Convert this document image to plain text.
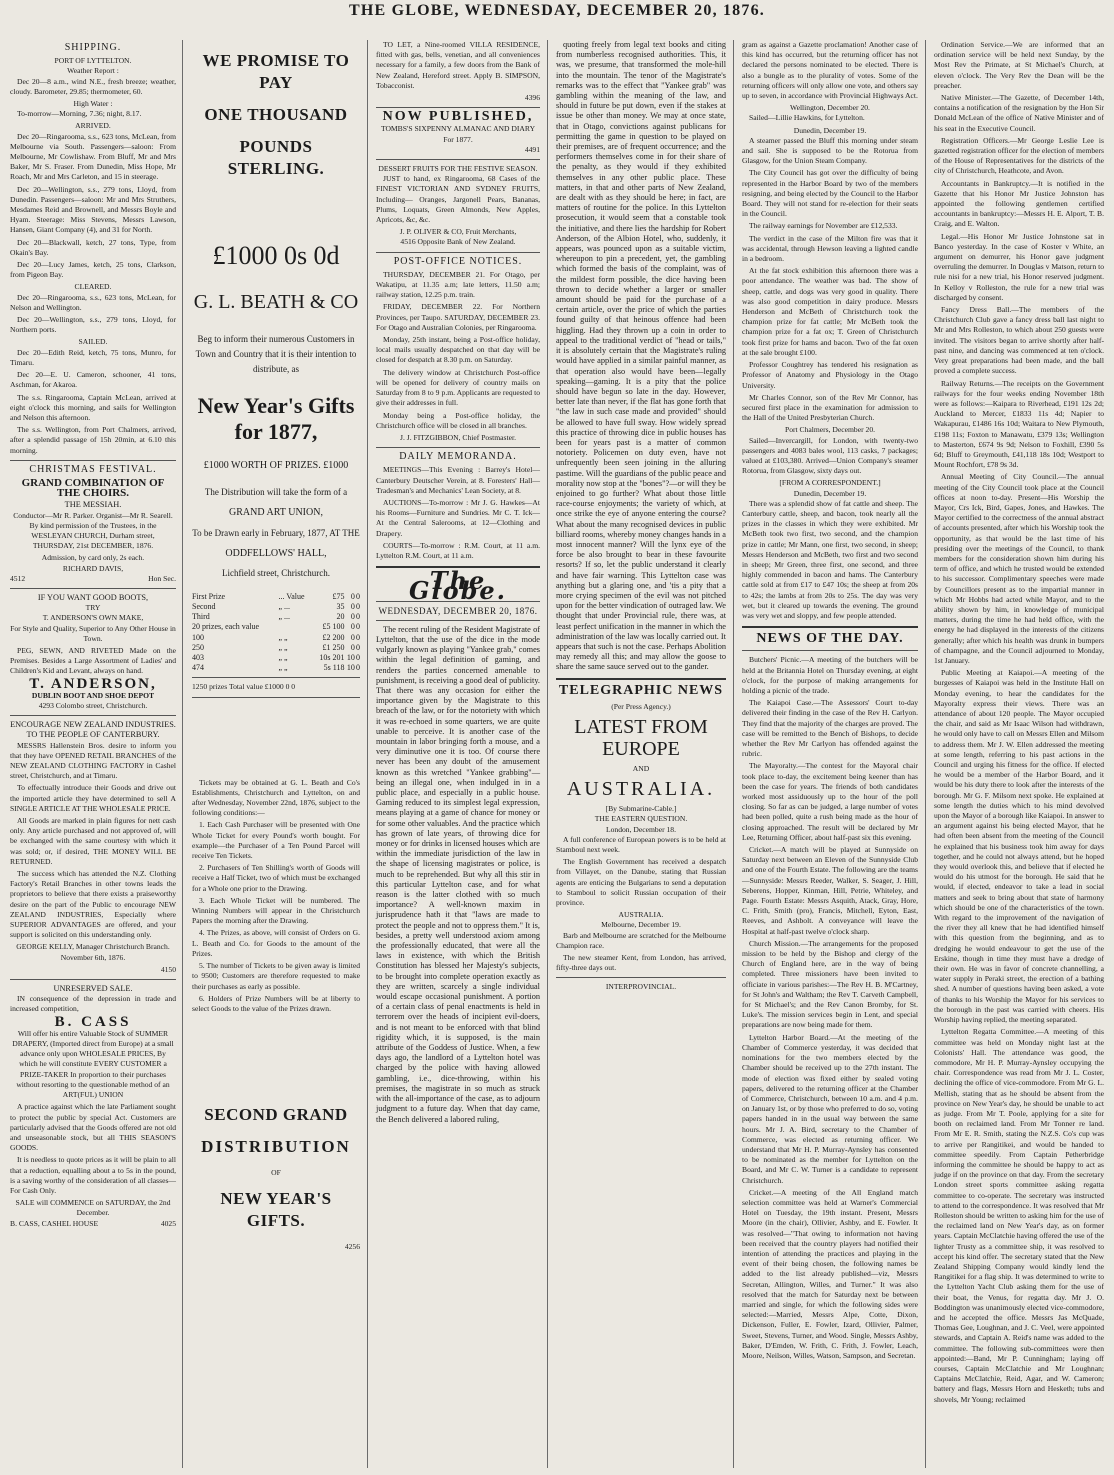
THE GLOBE, WEDNESDAY, DECEMBER 20, 1876.
SHIPPING.
PORT OF LYTTELTON.
Weather Report :

Dec 20—8 a.m., wind N.E., fresh breeze; weather, cloudy. Barometer, 29.85; thermometer, 60.

High Water :

To-morrow—Morning, 7.36; night, 8.17.

ARRIVED.

Dec 20—Ringarooma, s.s., 623 tons, McLean, from Melbourne via South. Passengers—saloon: From Melbourne, Mr Cowlishaw. From Bluff, Mr and Mrs Baker, Mr S. Fraser. From Dunedin, Miss Hope, Mr Roach, Mr and Mrs Carleton, and 15 in steerage.

Dec 20—Wellington, s.s., 279 tons, Lloyd, from Dunedin. Passengers—saloon: Mr and Mrs Struthers, Mesdames Reid and Brownell, and Messrs Boyle and Hyam. Steerage: Miss Stevens, Messrs Lawson, Hansen, Giant Company (4), and 31 for North.

Dec 20—Blackwall, ketch, 27 tons, Type, from Okain's Bay.

Dec 20—Lucy James, ketch, 25 tons, Clarkson, from Pigeon Bay.

CLEARED.

Dec 20—Ringarooma, s.s., 623 tons, McLean, for Nelson and Wellington.

Dec 20—Wellington, s.s., 279 tons, Lloyd, for Northern ports.

SAILED.

Dec 20—Edith Reid, ketch, 75 tons, Munro, for Timaru.

Dec 20—E. U. Cameron, schooner, 41 tons, Aschman, for Akaroa.

The s.s. Ringarooma, Captain McLean, arrived at eight o'clock this morning, and sails for Wellington and Nelson this afternoon.

The s.s. Wellington, from Port Chalmers, arrived, after a splendid passage of 15h 20min, at 6.10 this morning.

CHRISTMAS FESTIVAL.
GRAND COMBINATION OF THE CHOIRS.
THE MESSIAH.
Conductor—Mr R. Parker. Organist—Mr R. Searell.

By kind permission of the Trustees, in the WESLEYAN CHURCH, Durham street, THURSDAY, 21st DECEMBER, 1876.

Admission, by card only, 2s each.
RICHARD DAVIS,
4512	Hon Sec.
IF YOU WANT GOOD BOOTS,
TRY
T. ANDERSON'S OWN MAKE,

For Style and Quality, Superior to Any Other House in Town.

PEG, SEWN, AND RIVETED Made on the Premises. Besides a Large Assortment of Ladies' and Children's Kid and Levant, always on hand.

T. ANDERSON,
DUBLIN BOOT AND SHOE DEPOT
4293 Colombo street, Christchurch.
ENCOURAGE NEW ZEALAND INDUSTRIES.
TO THE PEOPLE OF CANTERBURY.

MESSRS Hallenstein Bros. desire to inform you that they have OPENED RETAIL BRANCHES of the NEW ZEALAND CLOTHING FACTORY in Cashel street, Christchurch, and at Timaru.

To effectually introduce their Goods and drive out the imported article they have determined to sell A SINGLE ARTICLE AT THE WHOLESALE PRICE.

All Goods are marked in plain figures for nett cash only. Any article purchased and not approved of, will be exchanged with the same courtesy with which it was sold; or, if desired, THE MONEY WILL BE RETURNED.

The success which has attended the N.Z. Clothing Factory's Retail Branches in other towns leads the proprietors to believe that there exists a praiseworthy desire on the part of the Public to encourage NEW ZEALAND INDUSTRIES, Especially where SUPERIOR ADVANTAGES are offered, and your support is solicited on this understanding only.

GEORGE KELLY, Manager Christchurch Branch. November 6th, 1876.

4150
UNRESERVED SALE.

IN consequence of the depression in trade and increased competition,

B. CASS

Will offer his entire Valuable Stock of SUMMER DRAPERY, (Imported direct from Europe) at a small advance only upon WHOLESALE PRICES, By which he will constitute EVERY CUSTOMER a PRIZE-TAKER In proportion to their purchases without resorting to the questionable method of an ART(FUL) UNION

A practice against which the late Parliament sought to protect the public by special Act. Customers are particularly advised that the Goods offered are not old and unseasonable stock, but all THIS SEASON'S GOODS.

It is needless to quote prices as it will be plain to all that a reduction, equalling about a to 5s in the pound, is a saving worthy of the consideration of all classes—For Cash Only.

SALE will COMMENCE on SATURDAY, the 2nd December.
B. CASS, CASHEL HOUSE	4025
WE PROMISE TO PAY
ONE THOUSAND
POUNDS STERLING.
£1000 0s 0d
G. L. BEATH & CO

Beg to inform their numerous Customers in Town and Country that it is their intention to distribute, as

New Year's Gifts for 1877,
£1000 WORTH OF PRIZES. £1000

The Distribution will take the form of a

GRAND ART UNION,
To be Drawn early in February, 1877, AT THE
ODDFELLOWS' HALL,
Lichfield street, Christchurch.
First Prize	... Value	£75	0	0
Second	„ ...	35	0	0
Third	„ ...	20	0	0
20 prizes, each value		£5 100	0	0
100	„ „	£2 200	0	0
250	„ „	£1 250	0	0
403	„ „	10s 201	10	0
474	„ „	5s 118	10	0
1250 prizes Total value £1000 0 0

Tickets may be obtained at G. L. Beath and Co's Establishments, Christchurch and Lyttelton, on and after Wednesday, November 22nd, 1876, subject to the following conditions:—

1. Each Cash Purchaser will be presented with One Whole Ticket for every Pound's worth bought. For example—the Purchaser of a Ten Pound Parcel will receive Ten Tickets.

2. Purchasers of Ten Shilling's worth of Goods will receive a Half Ticket, two of which must be exchanged for a Whole one prior to the Drawing.

3. Each Whole Ticket will be numbered. The Winning Numbers will appear in the Christchurch Papers the morning after the Drawing.

4. The Prizes, as above, will consist of Orders on G. L. Beath and Co. for Goods to the amount of the Prizes.

5. The number of Tickets to be given away is limited to 9500; Customers are therefore requested to make their purchases as early as possible.

6. Holders of Prize Numbers will be at liberty to select Goods to the value of the Prizes drawn.

SECOND GRAND
DISTRIBUTION
OF
NEW YEAR'S GIFTS.
4256

TO LET, a Nine-roomed VILLA RESIDENCE, fitted with gas, bells, venetian, and all conveniences necessary for a family, a few doors from the Bank of New Zealand, Hereford street. Apply B. SIMPSON, Tobacconist.

4396
NOW PUBLISHED,
TOMBS'S SIXPENNY ALMANAC AND DIARY For 1877.
4491
DESSERT FRUITS FOR THE FESTIVE SEASON.

JUST to hand, ex Ringarooma, 68 Cases of the FINEST VICTORIAN AND SYDNEY FRUITS, Including— Oranges, Jargonell Pears, Bananas, Plums, Loquats, Green Almonds, New Apples, Apricots, &c, &c.

J. P. OLIVER & CO, Fruit Merchants,
4516 Opposite Bank of New Zealand.
POST-OFFICE NOTICES.

THURSDAY, DECEMBER 21. For Otago, per Wakatipu, at 11.35 a.m; late letters, 11.50 a.m; railway station, 12.25 p.m. train.

FRIDAY, DECEMBER 22. For Northern Provinces, per Taupo. SATURDAY, DECEMBER 23. For Otago and Australian Colonies, per Ringarooma.

Monday, 25th instant, being a Post-office holiday, local mails usually despatched on that day will be closed for despatch at 8.30 p.m. on Saturday.

The delivery window at Christchurch Post-office will be opened for delivery of country mails on Saturday from 8 to 9 p.m. Applicants are requested to give their addresses in full.

Monday being a Post-office holiday, the Christchurch office will be closed in all branches.

J. J. FITZGIBBON, Chief Postmaster.
DAILY MEMORANDA.

MEETINGS—This Evening : Barrey's Hotel—Canterbury Deutscher Verein, at 8. Foresters' Hall—Tradesman's and Mechanics' Lean Society, at 8.

AUCTIONS—To-morrow : Mr J. G. Hawkes—At his Rooms—Furniture and Sundries. Mr C. T. Ick—At the Central Salerooms, at 12—Clothing and Drapery.

COURTS—To-morrow : R.M. Court, at 11 a.m. Lyttelton R.M. Court, at 11 a.m.

The Globe.
WEDNESDAY, DECEMBER 20, 1876.

The recent ruling of the Resident Magistrate of Lyttelton, that the use of the dice in the mode vulgarly known as playing "Yankee grab," comes within the legal definition of gaming, and renders the parties concerned amenable to punishment, is receiving a good deal of publicity. That there was any occasion for either the importance given by the Magistrate to this breach of the law, or for the notoriety with which it was re-echoed in some quarters, we are quite unable to perceive. It is another case of the mountain in labor bringing forth a mouse, and a very diminutive one it is too. Of course there never has been any doubt of the amusement known as this wretched "Yankee grabbing"—being an illegal one, when indulged in in a public place, and especially in a public house. Gaming reduced to its simplest legal expression, means playing at a game of chance for money or for some other valuables. And the practice which has grown of late years, of throwing dice for money or for drinks in licensed houses which are within the immediate jurisdiction of the law in the shape of licensing magistrates or police, is much to be reprehended. But why all this stir in this particular Lyttelton case, and for what reason is the latter clothed with so much importance? A well-known maxim in jurisprudence hath it that "laws are made to protect the people and not to oppress them." It is, besides, a pretty well understood axiom among the professionally educated, that were all the laws in existence, with which the British Constitution has blessed her Majesty's subjects, to be brought into complete operation exactly as they are written, scarcely a single individual would escape occasional punishment. A portion of a certain class of penal enactments is held in terrorem over the heads of incipient evil-doers, and is not meant to be enforced with that blind rigidity which, it is supposed, is the main attribute of the Goddess of Justice. When, a few days ago, the landlord of a Lyttelton hotel was charged by the police with having allowed gambling, i.e., dice-throwing, within his premises, the magistrate in so much as struck with the all-importance of the case, as to adjourn judgment to a future day. When that day came, the Bench delivered a labored ruling,

quoting freely from legal text books and citing from numberless recognised authorities. This, it was, we presume, that transformed the mole-hill into the mountain. The tenor of the Magistrate's remarks was to the effect that "Yankee grab" was gambling within the meaning of the law, and should in future be put down, even if the stakes at issue be other than money. We may at once state, that in Otago, convictions against publicans for permitting the game in question to be played on their premises, are of frequent occurrence; and the performers themselves come in for their share of the penalty, as they would if they exhibited themselves in any other public place. These matters, in that and other parts of New Zealand, are dealt with as they should be here; in fact, are matters of routine for the police. In this Lyttelton prosecution, it would seem that a constable took the initiative, and there lies the hardship for Robert Anderson, of the Albion Hotel, who, suddenly, it appears, was pounced upon as a suitable victim, whereupon to pin a precedent, yet, the gambling which formed the basis of the complaint, was of the mildest form possible, the dice having been thrown to decide whether a larger or smaller amount should be paid for the purchase of a certain article, over the price of which the parties found guilty of that heinous offence had been higgling. Had they thrown up a coin in order to appeal to the traditional verdict of "head or tails," it is absolutely certain that the Magistrate's ruling would have applied in a similar painful manner, as that operation also would have been—legally speaking—gaming. It is a pity that the police should have begun so late in the day. However, better late than never, if the flat has gone forth that "the law in such case made and provided" should be allowed to have full sway. How widely spread this practice of throwing dice in public houses has been for years past is a matter of common notoriety. Policemen on duty even, have not unfrequently been seen joining in the alluring pastime. Will the guardians of the public peace and morality now stop at the "bones"?—or will they be enjoined to go further? What about those little race-course enjoyments; the variety of which, at once strike the eye of anyone entering the course? What about the many recognised devices in public billiard rooms, whereby money changes hands in a most innocent manner? Will the lynx eye of the force be also brought to bear in these favourite resorts? If so, let the public understand it clearly and have fair warning. This Lyttelton case was anything but a glaring one, and 'tis a pity that a more crying specimen of the evil was not pitched upon for the better vindication of outraged law. We thought that under Provincial rule, there was, at least perfect unification in the manner in which the administration of the law was locally carried out. It appears that such is not the case. Perhaps Abolition may remedy all this; and may allow the goose to share the same sauce served out to the gander.

TELEGRAPHIC NEWS
(Per Press Agency.)
LATEST FROM EUROPE
AND
AUSTRALIA.
[By Submarine-Cable.]
THE EASTERN QUESTION.
London, December 18.

A full conference of European powers is to be held at Stamboul next week.

The English Government has received a despatch from Villayet, on the Danube, stating that Russian agents are enticing the Bulgarians to send a deputation to Stamboul to solicit Russian occupation of their province.

AUSTRALIA.
Melbourne, December 19.

Barb and Melbourne are scratched for the Melbourne Champion race.

The new steamer Kent, from London, has arrived, fifty-three days out.

INTERPROVINCIAL.

gram as against a Gazette proclamation! Another case of this kind has occurred, but the returning officer has not declared the persons nominated to be elected. There is also a bungle as to the plurality of votes. Some of the returning officers will only allow one vote, and others say up to seven, in accordance with Provincial Highways Act.

Wellington, December 20.

Sailed—Lillie Hawkins, for Lyttelton.

Dunedin, December 19.

A steamer passed the Bluff this morning under steam and sail. She is supposed to be the Rotorua from Glasgow, for the Union Steam Company.

The City Council has got over the difficulty of being represented in the Harbor Board by two of the members resigning, and being elected by the Council to the Harbor Board. They will not stand for re-election for their seats in the Council.

The railway earnings for November are £12,533.

The verdict in the case of the Milton fire was that it was accidental, through Hewson leaving a lighted candle in a bedroom.

At the fat stock exhibition this afternoon there was a poor attendance. The weather was bad. The show of sheep, cattle, and dogs was very good in quality. There was also good competition in dairy produce. Messrs Henderson and McBeth of Christchurch took the champion prize for fat cattle; Mr McBeth took the champion prize for a fat ox; T. Green of Christchurch took first prize for hams and bacon. Two of the fat oxen at the sale brought £100.

Professor Coughtrey has tendered his resignation as Professor of Anatomy and Physiology in the Otago University.

Mr Charles Connor, son of the Rev Mr Connor, has secured first place in the examination for admission to the Hall of the United Presbyterian Church.

Port Chalmers, December 20.

Sailed—Invercargill, for London, with twenty-two passengers and 4083 bales wool, 113 casks, 7 packages; valued at £103,380. Arrived—Union Company's steamer Rotorua, from Glasgow, sixty days out.

[FROM A CORRESPONDENT.]
Dunedin, December 19.

There was a splendid show of fat cattle and sheep. The Canterbury cattle, sheep, and bacon, took nearly all the prizes in the classes in which they were exhibited. Mr McBeth took two first, two second, and the champion prize in cattle; Mr Mann, one first, two second, in sheep; Messrs Henderson and McBeth, two first and two second in sheep; Mr Green, three first, one second, and three highly commended in bacon and hams. The Canterbury cattle sold at from £17 to £47 10s; the sheep at from 20s to 42s; the lambs at from 20s to 25s. The day was very wet, but it cleared up towards the evening. The ground was very wet and sloppy, and few people attended.

NEWS OF THE DAY.

Butchers' Picnic.—A meeting of the butchers will be held at the Britannia Hotel on Thursday evening, at eight o'clock, for the purpose of making arrangements for holding a picnic of the trade.

The Kaiapoi Case.—The Assessors' Court to-day delivered their finding in the case of the Rev H. Carlyon. They find that the majority of the charges are proved. The case will be remitted to the Bench of Bishops, to decide whether the Rev Mr Carlyon has offended against the rubric.

The Mayoralty.—The contest for the Mayoral chair took place to-day, the excitement being keener than has been the case for years. The friends of both candidates worked most assiduously up to the hour of the poll closing. So far as can be judged, a large number of votes had been polled, quite a rush being made as the hour of closing approached. The result will be declared by Mr Lee, Returning Officer, about half-past six this evening.

Cricket.—A match will be played at Sunnyside on Saturday next between an Eleven of the Sunnyside Club and one of the Fourth Estate. The following are the teams—Sunnyside: Messrs Reeder, Walker, S. Seager, J. Hill, Seberens, Hopper, Kinman, Hill, Petrie, Whiteley, and Page. Fourth Estate: Messrs Asquith, Atack, Gray, Hore, C. Frith, Smith (pro), Francis, Mitchell, Eyton, East, Reeves, and Ashbolt. A conveyance will leave the Hospital at half-past twelve o'clock sharp.

Church Mission.—The arrangements for the proposed mission to be held by the Bishop and clergy of the Church of England here, are in the way of being completed. Three missioners have been invited to officiate in various parishes:—The Rev H. B. M'Cartney, for St John's and Waltham; the Rev T. Carveth Campbell, for St Michael's; and the Rev Canon Bromby, for St. Luke's. The mission services begin in Lent, and special preparations are now being made for them.

Lyttelton Harbor Board.—At the meeting of the Chamber of Commerce yesterday, it was decided that nominations for the two members elected by the Chamber should be received up to the 27th instant. The mode of election was fixed either by sealed voting papers, delivered to the returning officer at the Chamber of Commerce, Christchurch, between 10 a.m. and 4 p.m. on January 1st, or by those who preferred to do so, voting papers handed in in the usual way between the same hours. Mr J. A. Bird, secretary to the Chamber of Commerce, was elected as returning officer. We understand that Mr H. P. Murray-Aynsley has consented to be nominated as the member for Lyttelton on the Board, and Mr C. W. Turner is a candidate to represent Christchurch.

Cricket.—A meeting of the All England match selection committee was held at Warner's Commercial Hotel on Tuesday, the 19th instant. Present, Messrs Moore (in the chair), Ollivier, Ashby, and E. Fowler. It was resolved—"That owing to information not having been received that the country players had notified their intention of attending the practices and playing in the event of their being chosen, the following names be added to the list already published—viz, Messrs Secretan, Allington, Willes, and Turner." It was also resolved that the match for Saturday next be between married and single, for which the following sides were selected:—Married, Messrs Alpe, Cotte, Dixon, Dickenson, Fuller, E. Fowler, Izard, Ollivier, Palmer, Sweet, Stevens, Turner, and Wood. Single, Messrs Ashby, Baker, D'Emden, W. Frith, C. Frith, J. Fowler, Leach, Moore, Neilson, Willes, Watson, Sampson, and Secretan.

Ordination Service.—We are informed that an ordination service will be held next Sunday, by the Most Rev the Primate, at St Michael's Church, at eleven o'clock. The Very Rev the Dean will be the preacher.

Native Minister.—The Gazette, of December 14th, contains a notification of the resignation by the Hon Sir Donald McLean of the office of Native Minister and of his seat in the Executive Council.

Registration Officers.—Mr George Leslie Lee is gazetted registration officer for the election of members of the House of Representatives for the districts of the city of Christchurch, Heathcote, and Avon.

Accountants in Bankruptcy.—It is notified in the Gazette that his Honor Mr Justice Johnston has appointed the following gentlemen certified accountants in bankruptcy:—Messrs H. E. Alport, T. B. Craig, and E. Walton.

Legal.—His Honor Mr Justice Johnstone sat in Banco yesterday. In the case of Koster v White, an argument on demurrer, his Honor gave judgment overruling the demurrer. In Douglas v Matson, return to rule nisi for a new trial, his Honor reserved judgment. In Kelloy v Rolleston, the rule for a new trial was discharged by consent.

Fancy Dress Ball.—The members of the Christchurch Club gave a fancy dress ball last night to Mr and Mrs Rolleston, to which about 250 guests were invited. The visitors began to arrive shortly after half-past nine, and dancing was commenced at ten o'clock. Very great preparations had been made, and the ball proved a complete success.

Railway Returns.—The receipts on the Government railways for the four weeks ending November 18th were as follows:—Kaipara to Riverhead, £191 12s 2d; Auckland to Mercer, £1833 11s 4d; Napier to Wakapurau, £1486 16s 10d; Waitara to New Plymouth, £198 11s; Foxton to Manawatu, £379 13s; Wellington to Masterton, £674 9s 9d; Nelson to Foxhill, £390 5s 6d; Bluff to Greymouth, £41,118 18s 10d; Westport to Mount Rochfort, £78 9s 3d.

Annual Meeting of City Council.—The annual meeting of the City Council took place at the Council offices at noon to-day. Present—His Worship the Mayor, Crs Ick, Bird, Gapes, Jones, and Hawkes. The Mayor certified to the correctness of the annual abstract of accounts presented, after which his Worship took the opportunity, as that would be the last time of his presiding over the meetings of the Council, to thank members for the consideration shown him during his term of office, and which he trusted would be extended to his successor. Complimentary speeches were made by Councillors present as to the impartial manner in which Mr Hobbs had acted while Mayor, and to the ability shown by him, in knowledge of municipal matters, during the time he had held office, with the energy he had displayed in the interests of the citizens generally; after which his health was drunk in bumpers of champagne, and the Council adjourned to Monday, 1st January.

Public Meeting at Kaiapoi.—A meeting of the burgesses of Kaiapoi was held in the Institute Hall on Monday evening, to hear the candidates for the Mayoralty express their views. There was an attendance of about 120 people. The Mayor occupied the chair, and said as Mr Isaac Wilson had withdrawn, he would only have to call on Messrs Ellen and Milsom to address them. Mr J. W. Ellen addressed the meeting at some length, referring to his past actions in the Council and urging his fitness for the office. If elected he would be a member of the Harbor Board, and it would be his duty there to look after the interests of the borough. Mr G. F. Milsom next spoke. He explained at some length the duties which to his mind devolved upon the Mayor of a borough like Kaiapoi. In answer to an argument against his being elected Mayor, that he had often been absent from the meeting of the Council he explained that his business took him away for days together, and he could not always attend, but he hoped they would overlook this, and believe that if elected he would do his utmost for the borough. He said that he would, if elected, endeavor to take a lead in social matters and seek to bring about that state of harmony which should be one of the characteristics of the town. With regard to the improvement of the navigation of the river they all knew that he had identified himself with this question from the beginning, and as to dredging he would endeavour to get the use of the Erskine, though in time they must have a dredge of their own. He was in favor of concrete channelling, a water supply in Peraki street, the erection of a bathing shed. A number of questions having been asked, a vote of thanks to his Worship the Mayor for his services to the borough in the past was carried with cheers. His Worship having replied, the meeting separated.

Lyttelton Regatta Committee.—A meeting of this committee was held on Monday night last at the Colonists' Hall. The attendance was good, the commodore, Mr H. P. Murray-Aynsley occupying the chair. Correspondence was read from Mr J. L. Coster, declining the office of vice-commodore. From Mr G. L. Mellish, stating that as he should be absent from the province on New Year's day, he should be unable to act as judge. From Mr T. Poole, applying for a site for booth on reclaimed land. From Mr Tonner re land. From Mr E. R. Smith, stating the N.Z.S. Co's cup was to arrive per Rangitikei, and would be handed to committee speedily. From Captain Petherbridge informing the committee he should be happy to act as judge if on the province on that day. From the secretary London street sports committee asking regatta committee to co-operate. The secretary was instructed to attend to the correspondence. It was resolved that Mr Rolleston should be written to asking him for the use of the reclaimed land on New Year's day, as on former years. Captain McClatchie having offered the use of the lighter Trusty as a committee ship, it was resolved to accept his kind offer. The secretary stated that the New Zealand Shipping Company would kindly lend the Rangitikei for a flag ship. It was determined to write to the Lyttelton Yacht Club asking them for the use of their boat, the Venus, for regatta day. Mr J. O. Boddington was unanimously elected vice-commodore, and he accepted the office. Messrs Jas McQuade, Thomas Gee, Loughnan, and J. C. Veel, were appointed stewards, and Captain A. Reid's name was added to the committee. The following sub-committees were then appointed:—Band, Mr P. Cunningham; laying off courses, Captain McClatchie and Mr Loughnan; Captains McClatchie, Reid, Agar, and W. Cameron; battery and flags, Messrs Horn and Hesketh; tubs and shovels, Mr Young; reclaimed
